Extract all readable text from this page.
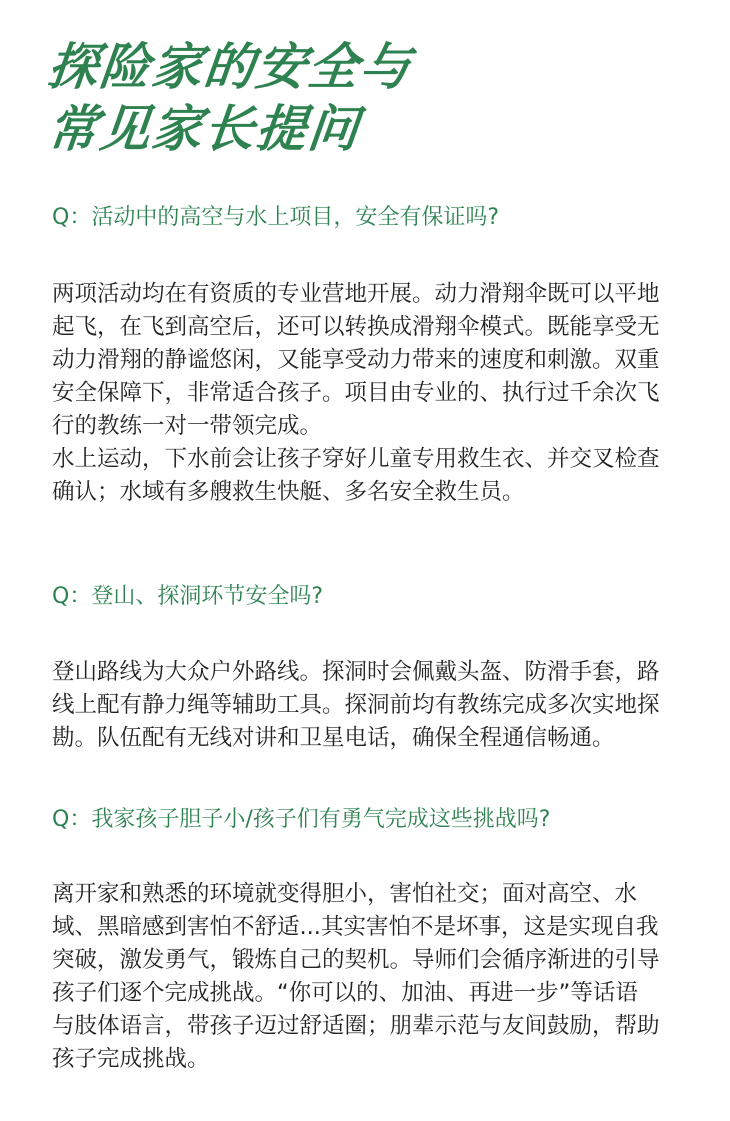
探险家的安全与
常见家长提问
Q：活动中的高空与水上项目，安全有保证吗?
两项活动均在有资质的专业营地开展。动力滑翔伞既可以平地
起飞，在飞到高空后，还可以转换成滑翔伞模式。既能享受无
动力滑翔的静谧悠闲，又能享受动力带来的速度和刺激。双重
安全保障下，非常适合孩子。项目由专业的、执行过千余次飞
行的教练一对一带领完成。
水上运动，下水前会让孩子穿好儿童专用救生衣、并交叉检查
确认；水域有多艘救生快艇、多名安全救生员。
Q：登山、探洞环节安全吗?
登山路线为大众户外路线。探洞时会佩戴头盔、防滑手套，路
线上配有静力绳等辅助工具。探洞前均有教练完成多次实地探
勘。队伍配有无线对讲和卫星电话，确保全程通信畅通。
Q：我家孩子胆子小/孩子们有勇气完成这些挑战吗?
离开家和熟悉的环境就变得胆小，害怕社交；面对高空、水
域、黑暗感到害怕不舒适...其实害怕不是坏事，这是实现自我
突破，激发勇气，锻炼自己的契机。导师们会循序渐进的引导
孩子们逐个完成挑战。“你可以的、加油、再进一步”等话语
与肢体语言，带孩子迈过舒适圈；朋辈示范与友间鼓励，帮助
孩子完成挑战。
